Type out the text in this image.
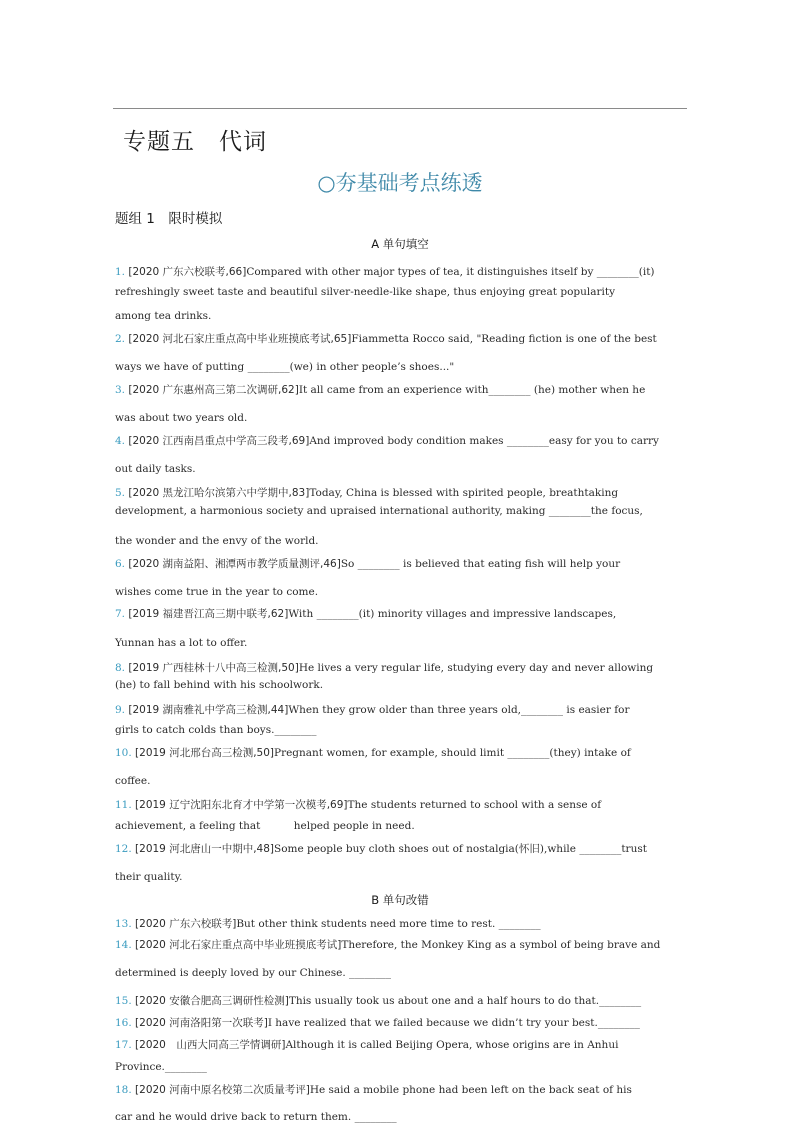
专题五　代词
○夯基础考点练透
题组 1　限时模拟
A 单句填空
B 单句改错
1. [2020 广东六校联考,66]Compared with other major types of tea, it distinguishes itself by ________(it)
refreshingly sweet taste and beautiful silver-needle-like shape, thus enjoying great popularity
among tea drinks.
2. [2020 河北石家庄重点高中毕业班摸底考试,65]Fiammetta Rocco said, "Reading fiction is one of the best
ways we have of putting ________(we) in other people’s shoes..."
3. [2020 广东惠州高三第二次调研,62]It all came from an experience with________ (he) mother when he
was about two years old.
4. [2020 江西南昌重点中学高三段考,69]And improved body condition makes ________easy for you to carry
out daily tasks.
5. [2020 黑龙江哈尔滨第六中学期中,83]Today, China is blessed with spirited people, breathtaking
development, a harmonious society and upraised international authority, making ________the focus,
the wonder and the envy of the world.
6. [2020 湖南益阳、湘潭两市教学质量测评,46]So ________ is believed that eating fish will help your
wishes come true in the year to come.
7. [2019 福建晋江高三期中联考,62]With ________(it) minority villages and impressive landscapes,
Yunnan has a lot to offer.
8. [2019 广西桂林十八中高三检测,50]He lives a very regular life, studying every day and never allowing
(he) to fall behind with his schoolwork.
9. [2019 湖南雅礼中学高三检测,44]When they grow older than three years old,________ is easier for
girls to catch colds than boys.________
10. [2019 河北邢台高三检测,50]Pregnant women, for example, should limit ________(they) intake of
coffee.
11. [2019 辽宁沈阳东北育才中学第一次模考,69]The students returned to school with a sense of
achievement, a feeling that          helped people in need.
12. [2019 河北唐山一中期中,48]Some people buy cloth shoes out of nostalgia(怀旧),while ________trust
their quality.
13. [2020 广东六校联考]But other think students need more time to rest. ________
14. [2020 河北石家庄重点高中毕业班摸底考试]Therefore, the Monkey King as a symbol of being brave and
determined is deeply loved by our Chinese. ________
15. [2020 安徽合肥高三调研性检测]This usually took us about one and a half hours to do that.________
16. [2020 河南洛阳第一次联考]I have realized that we failed because we didn’t try your best.________
17. [2020　山西大同高三学情调研]Although it is called Beijing Opera, whose origins are in Anhui
Province.________
18. [2020 河南中原名校第二次质量考评]He said a mobile phone had been left on the back seat of his
car and he would drive back to return them. ________
